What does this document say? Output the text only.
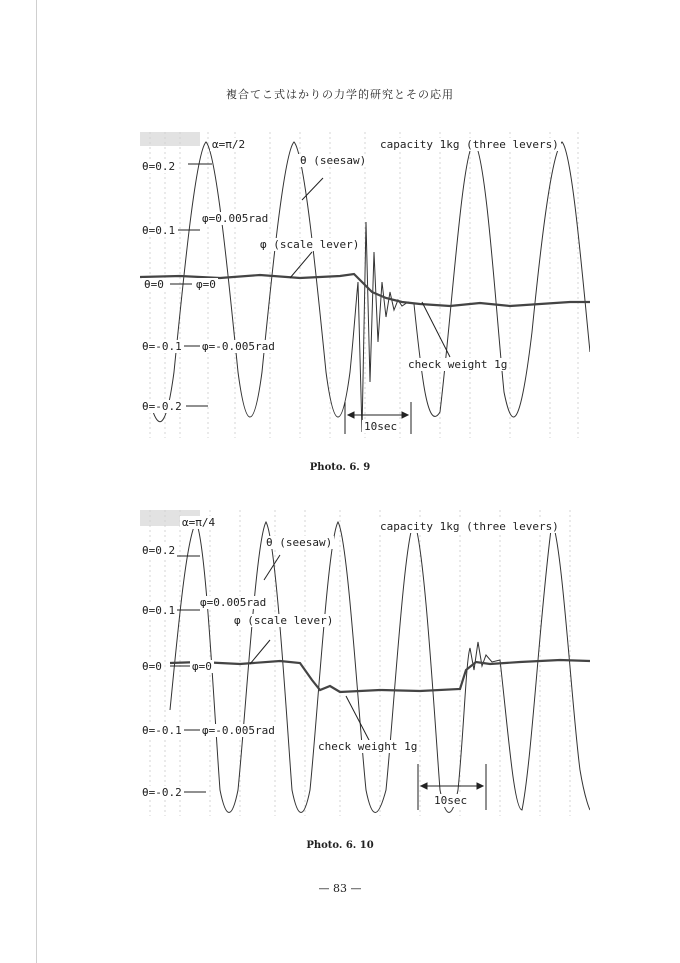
複合てこ式はかりの力学的研究とその応用
α=π/2	capacity 1kg (three levers)
θ (seesaw)
θ=0.2
θ=0.1
φ=0.005rad
φ (scale lever)
θ=0	φ=0
θ=-0.1 φ=-0.005rad
θ=-0.2
check weight 1g
10sec
Photo. 6. 9
α=π/4	capacity 1kg (three levers)
θ (seesaw)
θ=0.2
θ=0.1
φ=0.005rad
φ (scale lever)
θ=0	φ=0
θ=-0.1 φ=-0.005rad
θ=-0.2
check weight 1g
10sec
Photo. 6. 10
— 83 —
